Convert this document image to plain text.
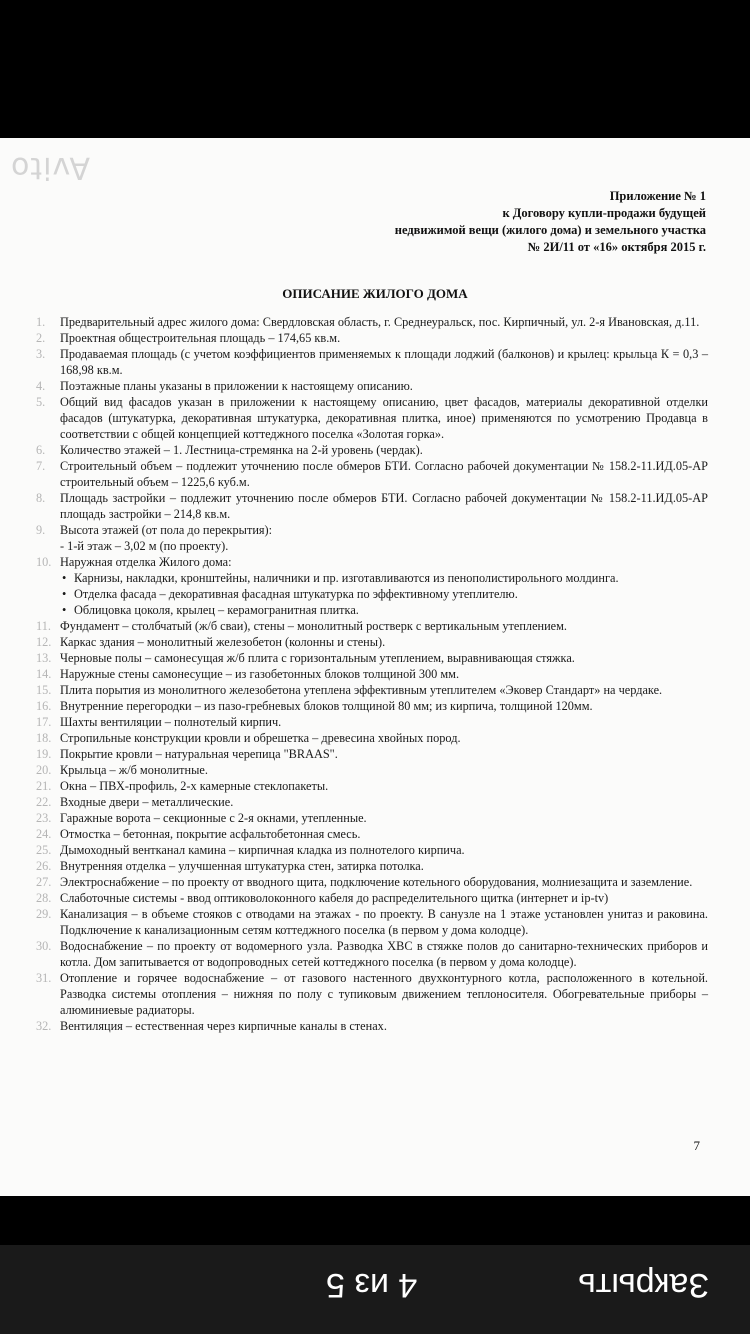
Avito
Приложение № 1
к Договору купли-продажи будущей
недвижимой вещи (жилого дома) и земельного участка
№ 2И/11 от «16» октября 2015 г.
ОПИСАНИЕ ЖИЛОГО ДОМА
1.	Предварительный адрес жилого дома: Свердловская область, г. Среднеуральск, пос. Кирпичный, ул. 2-я Ивановская, д.11.
2.	Проектная общестроительная площадь – 174,65 кв.м.
3.	Продаваемая площадь (с учетом коэффициентов применяемых к площади лоджий (балконов) и крылец: крыльца К = 0,3 – 168,98 кв.м.
4.	Поэтажные планы указаны в приложении к настоящему описанию.
5.	Общий вид фасадов указан в приложении к настоящему описанию, цвет фасадов, материалы декоративной отделки фасадов (штукатурка, декоративная штукатурка, декоративная плитка, иное) применяются по усмотрению Продавца в соответствии с общей концепцией коттеджного поселка «Золотая горка».
6.	Количество этажей – 1. Лестница-стремянка на 2-й уровень (чердак).
7.	Строительный объем – подлежит уточнению после обмеров БТИ. Согласно рабочей документации № 158.2-11.ИД.05-АР строительный объем – 1225,6 куб.м.
8.	Площадь застройки – подлежит уточнению после обмеров БТИ. Согласно рабочей документации № 158.2-11.ИД.05-АР площадь застройки – 214,8 кв.м.
9.	Высота этажей (от пола до перекрытия):
- 1-й этаж – 3,02 м (по проекту).
10. Наружная отделка Жилого дома:
• Карнизы, накладки, кронштейны, наличники и пр. изготавливаются из пенополистирольного молдинга.
• Отделка фасада – декоративная фасадная штукатурка по эффективному утеплителю.
• Облицовка цоколя, крылец – керамогранитная плитка.
11. Фундамент – столбчатый (ж/б сваи), стены – монолитный ростверк с вертикальным утеплением.
12. Каркас здания – монолитный железобетон (колонны и стены).
13. Черновые полы – самонесущая ж/б плита с горизонтальным утеплением, выравнивающая стяжка.
14. Наружные стены самонесущие – из газобетонных блоков толщиной 300 мм.
15. Плита порытия из монолитного железобетона утеплена эффективным утеплителем «Эковер Стандарт» на чердаке.
16. Внутренние перегородки – из пазо-гребневых блоков толщиной 80 мм; из кирпича, толщиной 120мм.
17. Шахты вентиляции – полнотелый кирпич.
18. Стропильные конструкции кровли и обрешетка – древесина хвойных пород.
19. Покрытие кровли – натуральная черепица "BRAAS".
20. Крыльца – ж/б монолитные.
21. Окна – ПВХ-профиль, 2-х камерные стеклопакеты.
22. Входные двери – металлические.
23. Гаражные ворота – секционные с 2-я окнами, утепленные.
24. Отмостка – бетонная, покрытие асфальтобетонная смесь.
25. Дымоходный вентканал камина – кирпичная кладка из полнотелого кирпича.
26. Внутренняя отделка – улучшенная штукатурка стен, затирка потолка.
27. Электроснабжение – по проекту от вводного щита, подключение котельного оборудования, молниезащита и заземление.
28. Слаботочные системы - ввод оптиковолоконного кабеля до распределительного щитка (интернет и ip-tv)
29. Канализация – в объеме стояков с отводами на этажах - по проекту. В санузле на 1 этаже установлен унитаз и раковина. Подключение к канализационным сетям коттеджного поселка (в первом у дома колодце).
30. Водоснабжение – по проекту от водомерного узла. Разводка ХВС в стяжке полов до санитарно-технических приборов и котла. Дом запитывается от водопроводных сетей коттеджного поселка (в первом у дома колодце).
31. Отопление и горячее водоснабжение – от газового настенного двухконтурного котла, расположенного в котельной. Разводка системы отопления – нижняя по полу с тупиковым движением теплоносителя. Обогревательные приборы – алюминиевые радиаторы.
32. Вентиляция – естественная через кирпичные каналы в стенах.
7
4 из 5	Закрыть
